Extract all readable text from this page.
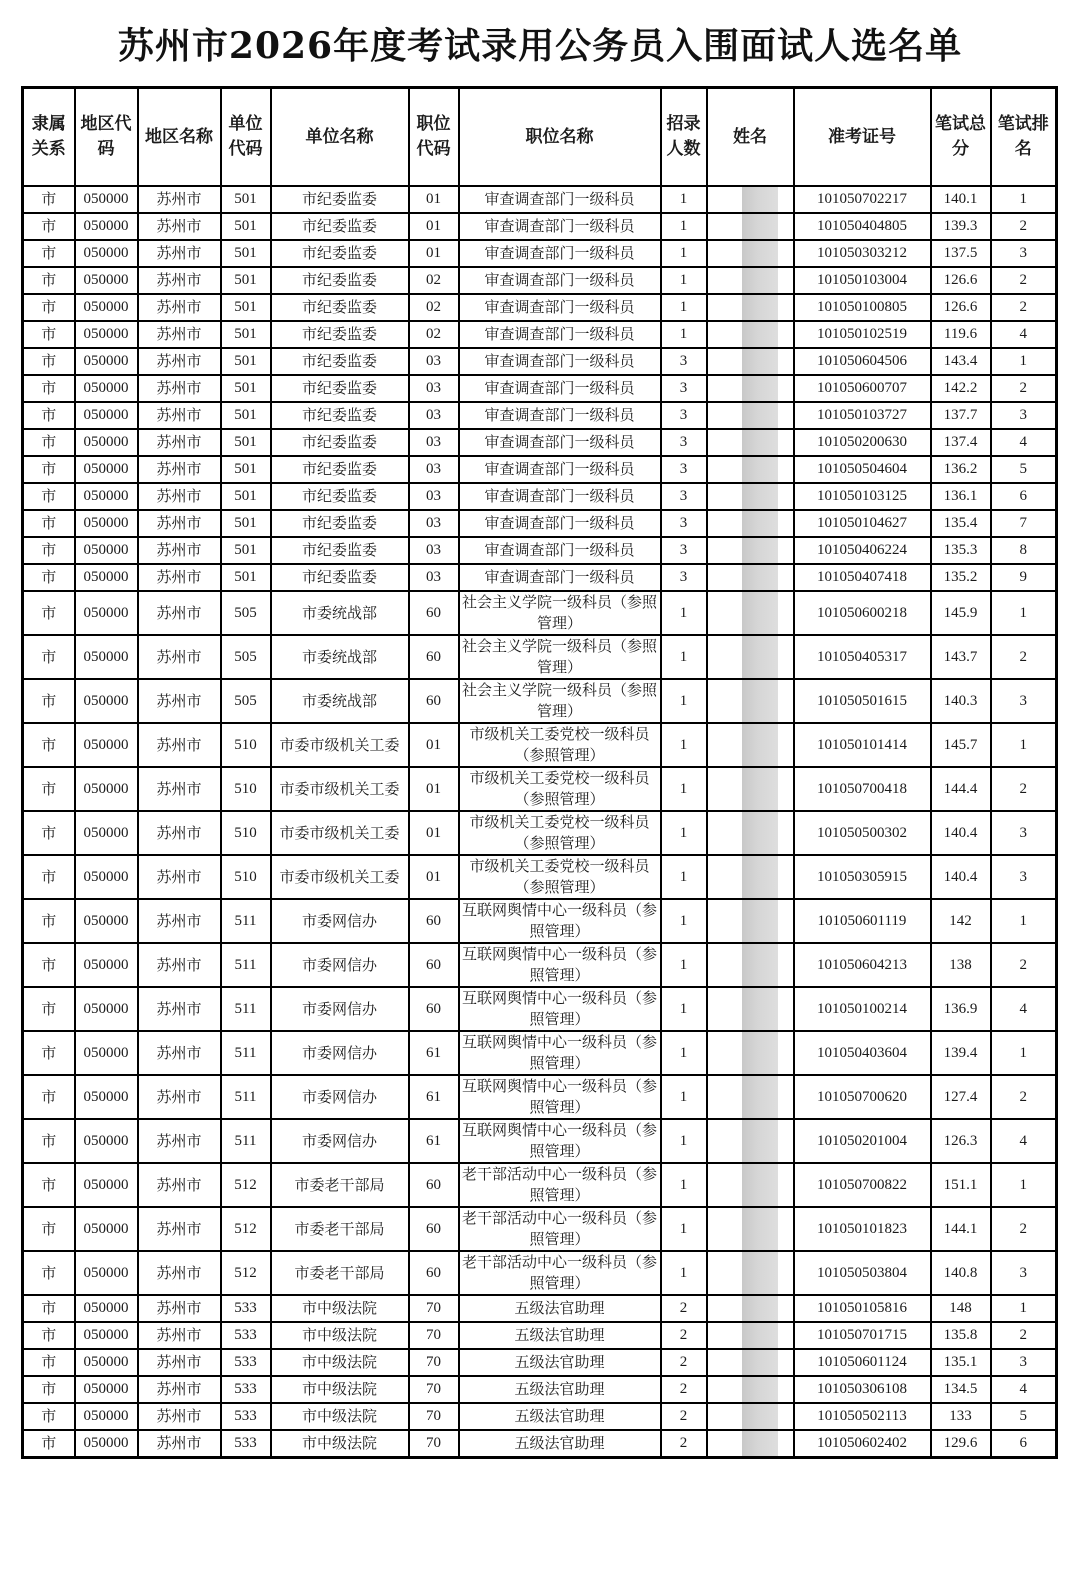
苏州市2026年度考试录用公务员入围面试人选名单
隶属关系	地区代码	地区名称	单位代码	单位名称	职位代码	职位名称	招录人数	姓名	准考证号	笔试总分	笔试排名
市	050000	苏州市	501	市纪委监委	01	审查调查部门一级科员	1		101050702217	140.1	1
市	050000	苏州市	501	市纪委监委	01	审查调查部门一级科员	1		101050404805	139.3	2
市	050000	苏州市	501	市纪委监委	01	审查调查部门一级科员	1		101050303212	137.5	3
市	050000	苏州市	501	市纪委监委	02	审查调查部门一级科员	1		101050103004	126.6	2
市	050000	苏州市	501	市纪委监委	02	审查调查部门一级科员	1		101050100805	126.6	2
市	050000	苏州市	501	市纪委监委	02	审查调查部门一级科员	1		101050102519	119.6	4
市	050000	苏州市	501	市纪委监委	03	审查调查部门一级科员	3		101050604506	143.4	1
市	050000	苏州市	501	市纪委监委	03	审查调查部门一级科员	3		101050600707	142.2	2
市	050000	苏州市	501	市纪委监委	03	审查调查部门一级科员	3		101050103727	137.7	3
市	050000	苏州市	501	市纪委监委	03	审查调查部门一级科员	3		101050200630	137.4	4
市	050000	苏州市	501	市纪委监委	03	审查调查部门一级科员	3		101050504604	136.2	5
市	050000	苏州市	501	市纪委监委	03	审查调查部门一级科员	3		101050103125	136.1	6
市	050000	苏州市	501	市纪委监委	03	审查调查部门一级科员	3		101050104627	135.4	7
市	050000	苏州市	501	市纪委监委	03	审查调查部门一级科员	3		101050406224	135.3	8
市	050000	苏州市	501	市纪委监委	03	审查调查部门一级科员	3		101050407418	135.2	9
市	050000	苏州市	505	市委统战部	60	社会主义学院一级科员（参照管理）	1		101050600218	145.9	1
市	050000	苏州市	505	市委统战部	60	社会主义学院一级科员（参照管理）	1		101050405317	143.7	2
市	050000	苏州市	505	市委统战部	60	社会主义学院一级科员（参照管理）	1		101050501615	140.3	3
市	050000	苏州市	510	市委市级机关工委	01	市级机关工委党校一级科员（参照管理）	1		101050101414	145.7	1
市	050000	苏州市	510	市委市级机关工委	01	市级机关工委党校一级科员（参照管理）	1		101050700418	144.4	2
市	050000	苏州市	510	市委市级机关工委	01	市级机关工委党校一级科员（参照管理）	1		101050500302	140.4	3
市	050000	苏州市	510	市委市级机关工委	01	市级机关工委党校一级科员（参照管理）	1		101050305915	140.4	3
市	050000	苏州市	511	市委网信办	60	互联网舆情中心一级科员（参照管理）	1		101050601119	142	1
市	050000	苏州市	511	市委网信办	60	互联网舆情中心一级科员（参照管理）	1		101050604213	138	2
市	050000	苏州市	511	市委网信办	60	互联网舆情中心一级科员（参照管理）	1		101050100214	136.9	4
市	050000	苏州市	511	市委网信办	61	互联网舆情中心一级科员（参照管理）	1		101050403604	139.4	1
市	050000	苏州市	511	市委网信办	61	互联网舆情中心一级科员（参照管理）	1		101050700620	127.4	2
市	050000	苏州市	511	市委网信办	61	互联网舆情中心一级科员（参照管理）	1		101050201004	126.3	4
市	050000	苏州市	512	市委老干部局	60	老干部活动中心一级科员（参照管理）	1		101050700822	151.1	1
市	050000	苏州市	512	市委老干部局	60	老干部活动中心一级科员（参照管理）	1		101050101823	144.1	2
市	050000	苏州市	512	市委老干部局	60	老干部活动中心一级科员（参照管理）	1		101050503804	140.8	3
市	050000	苏州市	533	市中级法院	70	五级法官助理	2		101050105816	148	1
市	050000	苏州市	533	市中级法院	70	五级法官助理	2		101050701715	135.8	2
市	050000	苏州市	533	市中级法院	70	五级法官助理	2		101050601124	135.1	3
市	050000	苏州市	533	市中级法院	70	五级法官助理	2		101050306108	134.5	4
市	050000	苏州市	533	市中级法院	70	五级法官助理	2		101050502113	133	5
市	050000	苏州市	533	市中级法院	70	五级法官助理	2		101050602402	129.6	6
